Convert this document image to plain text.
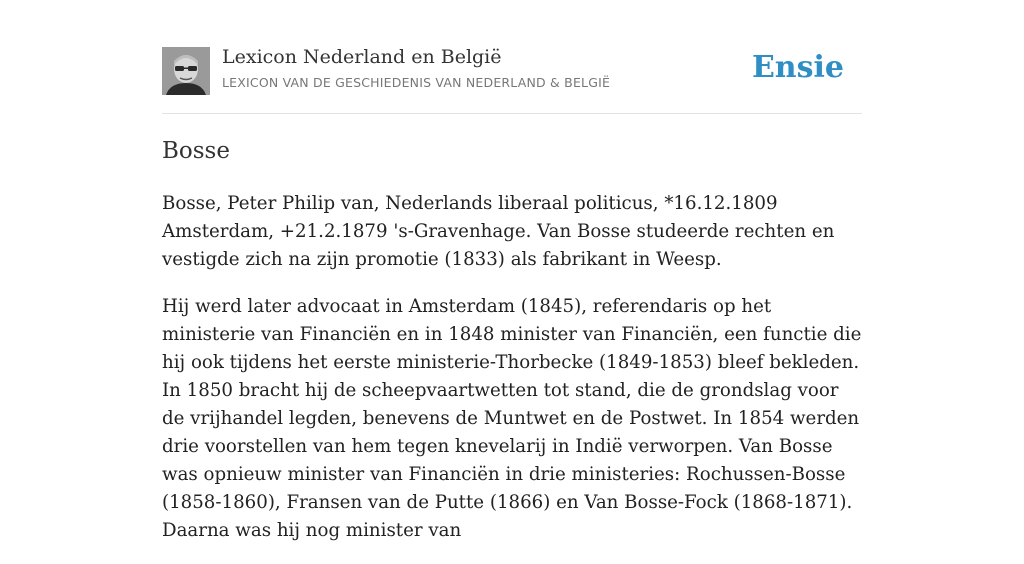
Lexicon Nederland en België
LEXICON VAN DE GESCHIEDENIS VAN NEDERLAND & BELGIË	Ensie
Bosse

Bosse, Peter Philip van, Nederlands liberaal politicus, *16.12.1809 Amsterdam, +21.2.1879 's-Gravenhage. Van Bosse studeerde rechten en vestigde zich na zijn promotie (1833) als fabrikant in Weesp.

Hij werd later advocaat in Amsterdam (1845), referendaris op het ministerie van Financiën en in 1848 minister van Financiën, een functie die hij ook tijdens het eerste ministerie-Thorbecke (1849-1853) bleef bekleden. In 1850 bracht hij de scheepvaartwetten tot stand, die de grondslag voor de vrijhandel legden, benevens de Muntwet en de Postwet. In 1854 werden drie voorstellen van hem tegen knevelarij in Indië verworpen. Van Bosse was opnieuw minister van Financiën in drie ministeries: Rochussen-Bosse (1858-1860), Fransen van de Putte (1866) en Van Bosse-Fock (1868-1871). Daarna was hij nog minister van
